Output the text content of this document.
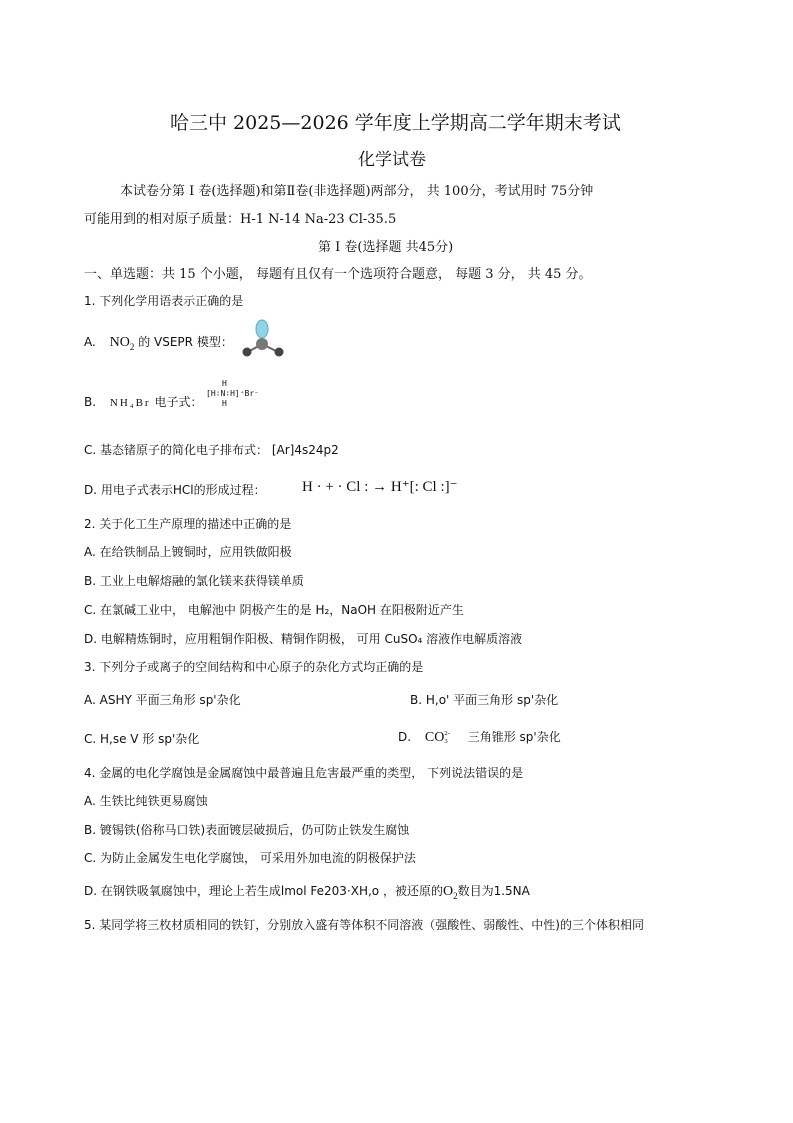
哈三中 2025—2026 学年度上学期高二学年期末考试
化学试卷
本试卷分第 Ⅰ 卷(选择题)和第Ⅱ卷(非选择题)两部分， 共 100分，考试用时 75分钟
可能用到的相对原子质量：H-1 N-14 Na-23 Cl-35.5
第 Ⅰ 卷(选择题 共45分)
一、单选题：共 15 个小题， 每题有且仅有一个选项符合题意， 每题 3 分， 共 45 分。
1. 下列化学用语表示正确的是
A. $NO_2$ 的 VSEPR 模型：
B. NH₄Br 电子式：
H
[H∶N∶H]⁺Br⁻
H
C. 基态锗原子的简化电子排布式： [Ar]4s24p2
D. 用电子式表示HCl的形成过程： H · + · Cl : → H⁺[: Cl :]⁻
2. 关于化工生产原理的描述中正确的是
A. 在给铁制品上镀铜时，应用铁做阳极
B. 工业上电解熔融的氯化镁来获得镁单质
C. 在氯碱工业中， 电解池中 阴极产生的是 H₂，NaOH 在阳极附近产生
D. 电解精炼铜时，应用粗铜作阳极、精铜作阴极， 可用 CuSO₄ 溶液作电解质溶液
3. 下列分子或离子的空间结构和中心原子的杂化方式均正确的是
A. ASHY 平面三角形 sp'杂化	B. H,o' 平面三角形 sp'杂化
C. H,se V 形 sp'杂化	D. CO 2-
3 三角锥形 sp'杂化
4. 金属的电化学腐蚀是金属腐蚀中最普遍且危害最严重的类型， 下列说法错误的是
A. 生铁比纯铁更易腐蚀
B. 镀锡铁(俗称马口铁)表面镀层破损后，仍可防止铁发生腐蚀
C. 为防止金属发生电化学腐蚀， 可采用外加电流的阴极保护法
D. 在钢铁吸氧腐蚀中，理论上若生成lmol Fe203·XH,o ，被还原的$O_2$数目为1.5NA
5. 某同学将三枚材质相同的铁钉，分别放入盛有等体积不同溶液（强酸性、弱酸性、中性)的三个体积相同
